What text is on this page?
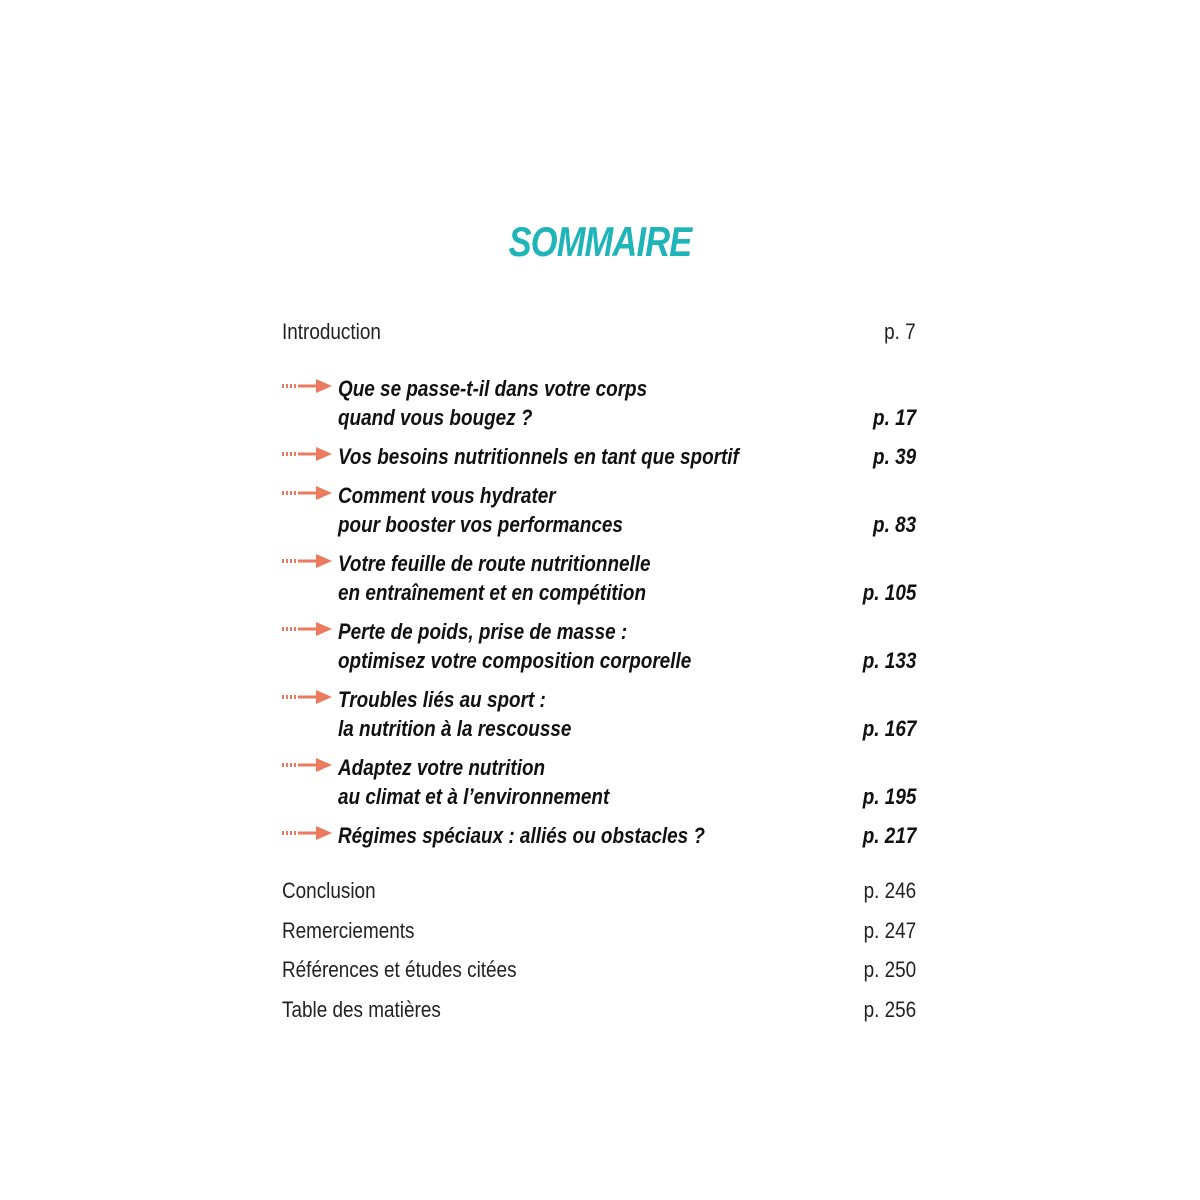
SOMMAIRE
Introduction	p. 7
Que se passe-t-il dans votre corps
quand vous bougez ?	p. 17
Vos besoins nutritionnels en tant que sportif	p. 39
Comment vous hydrater
pour booster vos performances	p. 83
Votre feuille de route nutritionnelle
en entraînement et en compétition	p. 105
Perte de poids, prise de masse :
optimisez votre composition corporelle	p. 133
Troubles liés au sport :
la nutrition à la rescousse	p. 167
Adaptez votre nutrition
au climat et à l’environnement	p. 195
Régimes spéciaux : alliés ou obstacles ?	p. 217
Conclusion	p. 246
Remerciements	p. 247
Références et études citées	p. 250
Table des matières	p. 256
